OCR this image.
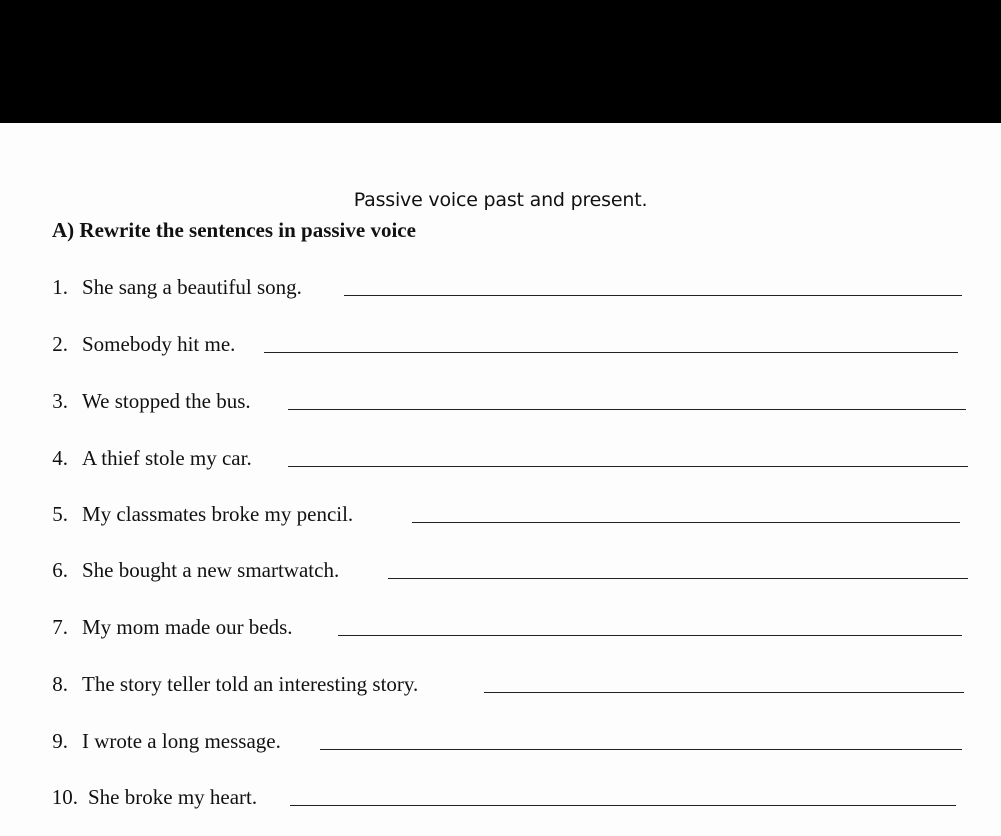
Passive voice past and present.
A) Rewrite the sentences in passive voice
1. She sang a beautiful song.
2. Somebody hit me.
3. We stopped the bus.
4. A thief stole my car.
5. My classmates broke my pencil.
6. She bought a new smartwatch.
7. My mom made our beds.
8. The story teller told an interesting story.
9. I wrote a long message.
10. She broke my heart.
